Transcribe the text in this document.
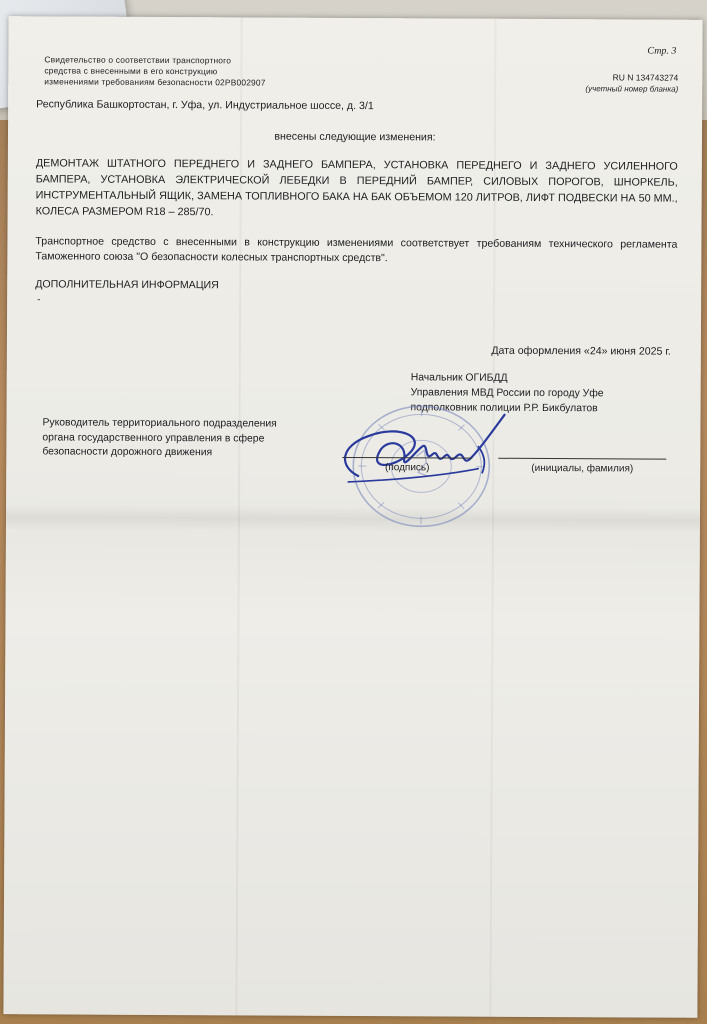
Свидетельство о соответствии транспортного
средства с внесенными в его конструкцию
изменениями требованиям безопасности 02PB002907
Стр. 3
RU N 134743274
(учетный номер бланка)
Республика Башкортостан, г. Уфа, ул. Индустриальное шоссе, д. 3/1
внесены следующие изменения:
ДЕМОНТАЖ ШТАТНОГО ПЕРЕДНЕГО И ЗАДНЕГО БАМПЕРА, УСТАНОВКА ПЕРЕДНЕГО И ЗАДНЕГО УСИЛЕННОГО БАМПЕРА, УСТАНОВКА ЭЛЕКТРИЧЕСКОЙ ЛЕБЕДКИ В ПЕРЕДНИЙ БАМПЕР, СИЛОВЫХ ПОРОГОВ, ШНОРКЕЛЬ, ИНСТРУМЕНТАЛЬНЫЙ ЯЩИК, ЗАМЕНА ТОПЛИВНОГО БАКА НА БАК ОБЪЕМОМ 120 ЛИТРОВ, ЛИФТ ПОДВЕСКИ НА 50 ММ., КОЛЕСА РАЗМЕРОМ R18 – 285/70.
Транспортное средство с внесенными в конструкцию изменениями соответствует требованиям технического регламента Таможенного союза "О безопасности колесных транспортных средств".
ДОПОЛНИТЕЛЬНАЯ ИНФОРМАЦИЯ
-
Дата оформления «24» июня 2025 г.
Начальник ОГИБДД
Управления МВД России по городу Уфе
подполковник полиции Р.Р. Бикбулатов
Руководитель территориального подразделения
органа государственного управления в сфере
безопасности дорожного движения
(подпись)	(инициалы, фамилия)
